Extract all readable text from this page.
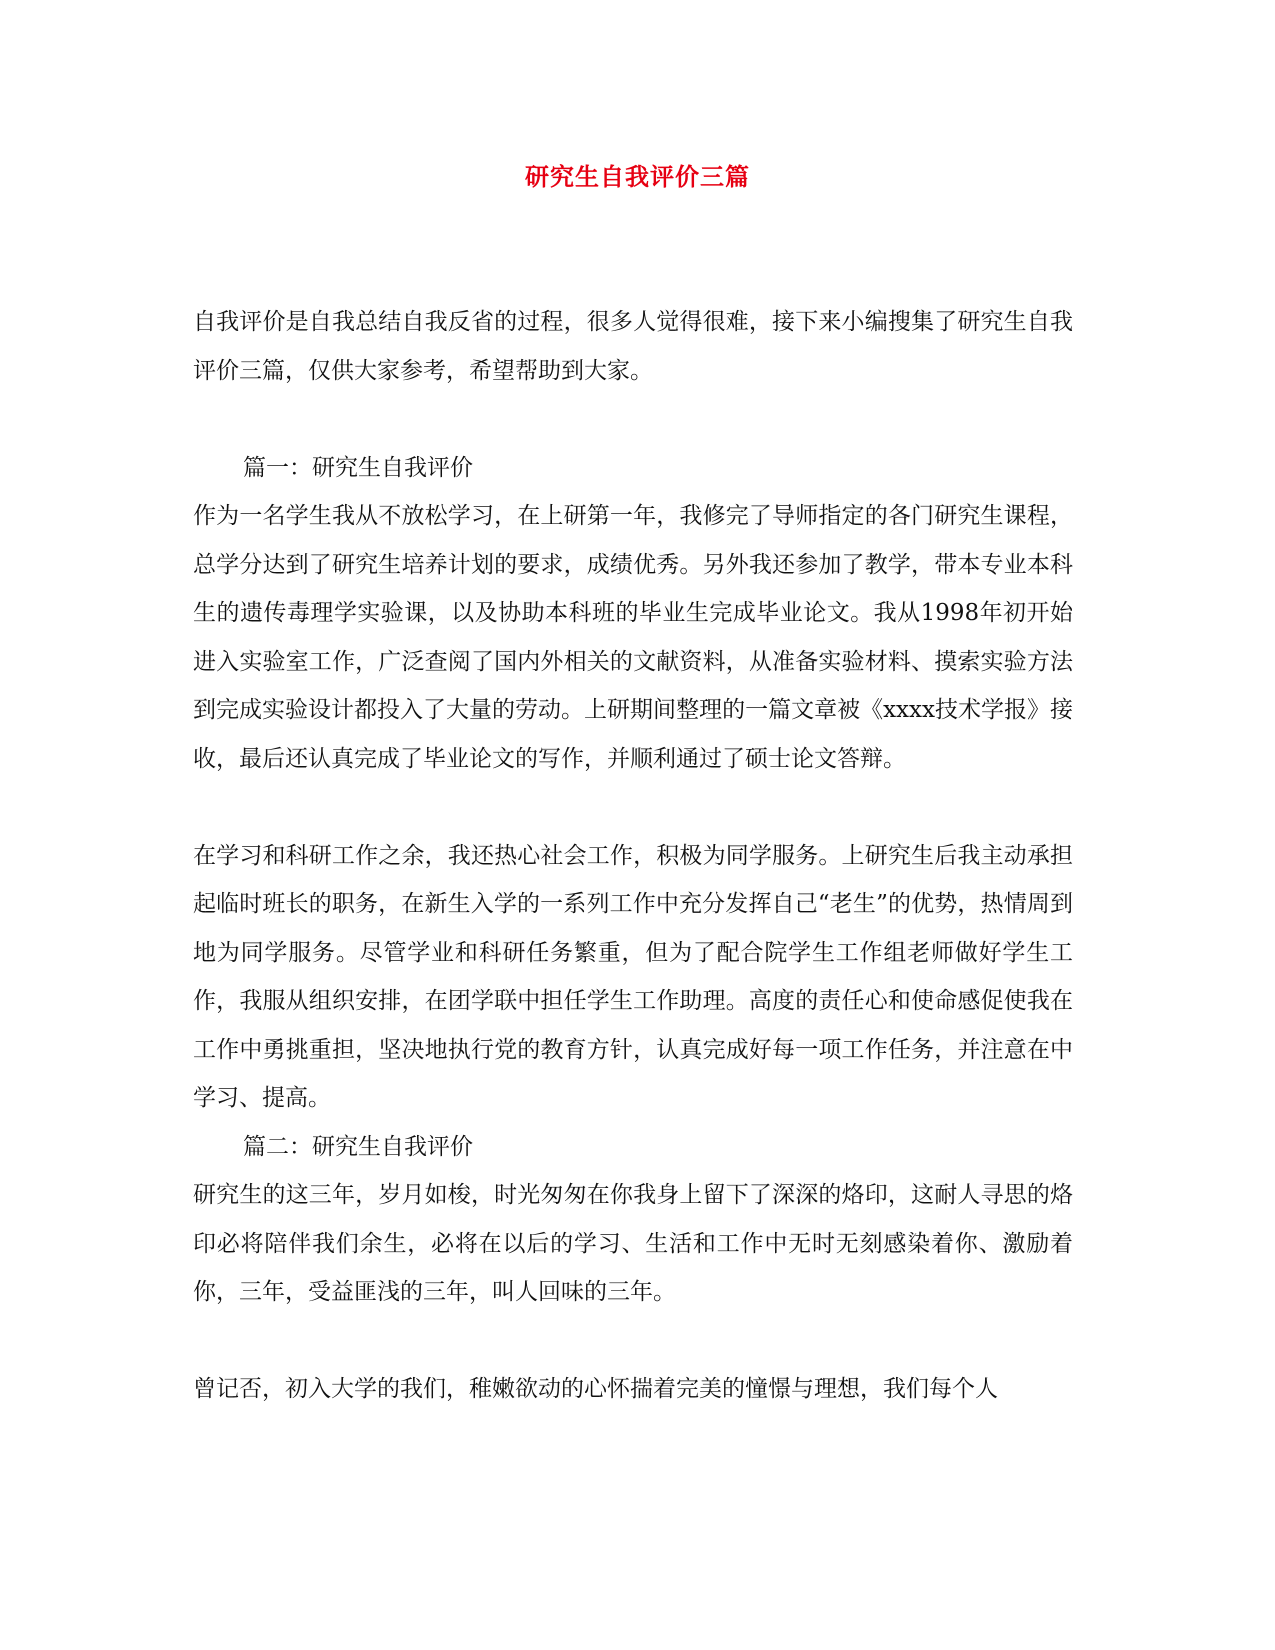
研究生自我评价三篇

自我评价是自我总结自我反省的过程，很多人觉得很难，接下来小编搜集了研究生自我评价三篇，仅供大家参考，希望帮助到大家。

篇一：研究生自我评价

作为一名学生我从不放松学习，在上研第一年，我修完了导师指定的各门研究生课程，总学分达到了研究生培养计划的要求，成绩优秀。另外我还参加了教学，带本专业本科生的遗传毒理学实验课，以及协助本科班的毕业生完成毕业论文。我从1998年初开始进入实验室工作，广泛查阅了国内外相关的文献资料，从准备实验材料、摸索实验方法到完成实验设计都投入了大量的劳动。上研期间整理的一篇文章被《xxxx技术学报》接收，最后还认真完成了毕业论文的写作，并顺利通过了硕士论文答辩。

在学习和科研工作之余，我还热心社会工作，积极为同学服务。上研究生后我主动承担起临时班长的职务，在新生入学的一系列工作中充分发挥自己“老生”的优势，热情周到地为同学服务。尽管学业和科研任务繁重，但为了配合院学生工作组老师做好学生工作，我服从组织安排，在团学联中担任学生工作助理。高度的责任心和使命感促使我在工作中勇挑重担，坚决地执行党的教育方针，认真完成好每一项工作任务，并注意在中学习、提高。

篇二：研究生自我评价

研究生的这三年，岁月如梭，时光匆匆在你我身上留下了深深的烙印，这耐人寻思的烙印必将陪伴我们余生，必将在以后的学习、生活和工作中无时无刻感染着你、激励着你，三年，受益匪浅的三年，叫人回味的三年。

曾记否，初入大学的我们，稚嫩欲动的心怀揣着完美的憧憬与理想，我们每个人
